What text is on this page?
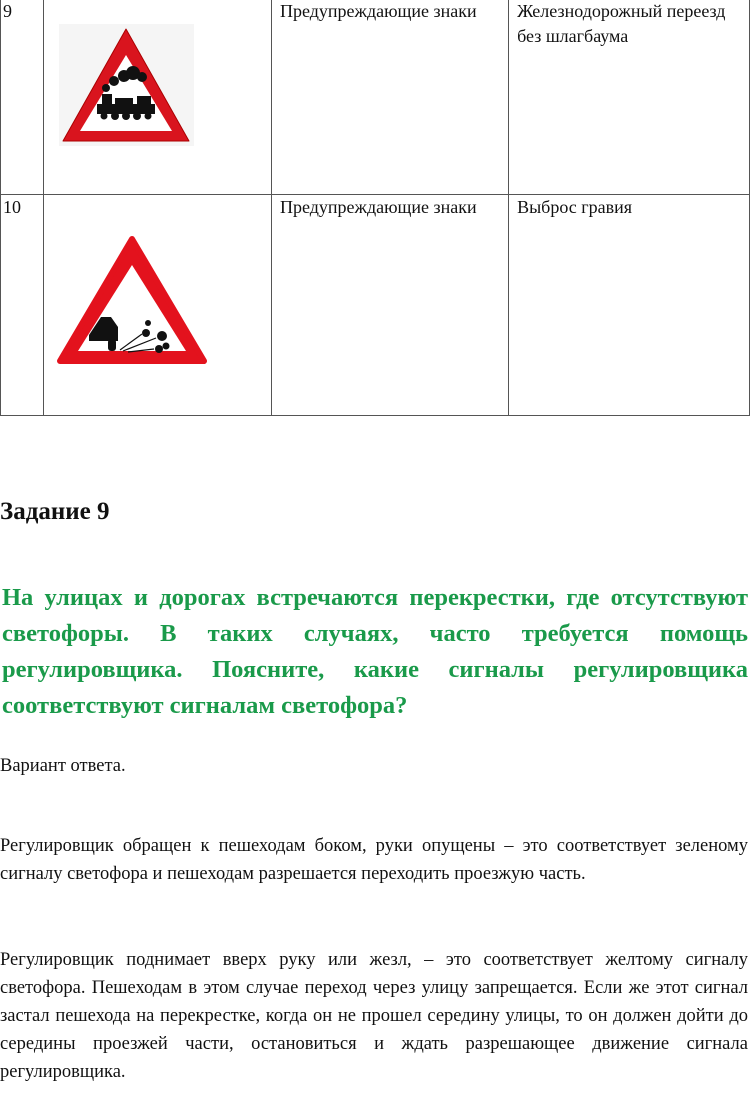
9		Предупреждающие знаки	Железнодорожный переезд без шлагбаума
10		Предупреждающие знаки	Выброс гравия
Задание 9
На улицах и дорогах встречаются перекрестки, где отсутствуют светофоры. В таких случаях, часто требуется помощь регулировщика. Поясните, какие сигналы регулировщика соответствуют сигналам светофора?
Вариант ответа.
Регулировщик обращен к пешеходам боком, руки опущены – это соответствует зеленому сигналу светофора и пешеходам разрешается переходить проезжую часть.
Регулировщик поднимает вверх руку или жезл, – это соответствует желтому сигналу светофора. Пешеходам в этом случае переход через улицу запрещается. Если же этот сигнал застал пешехода на перекрестке, когда он не прошел середину улицы, то он должен дойти до середины проезжей части, остановиться и ждать разрешающее движение сигнала регулировщика.
